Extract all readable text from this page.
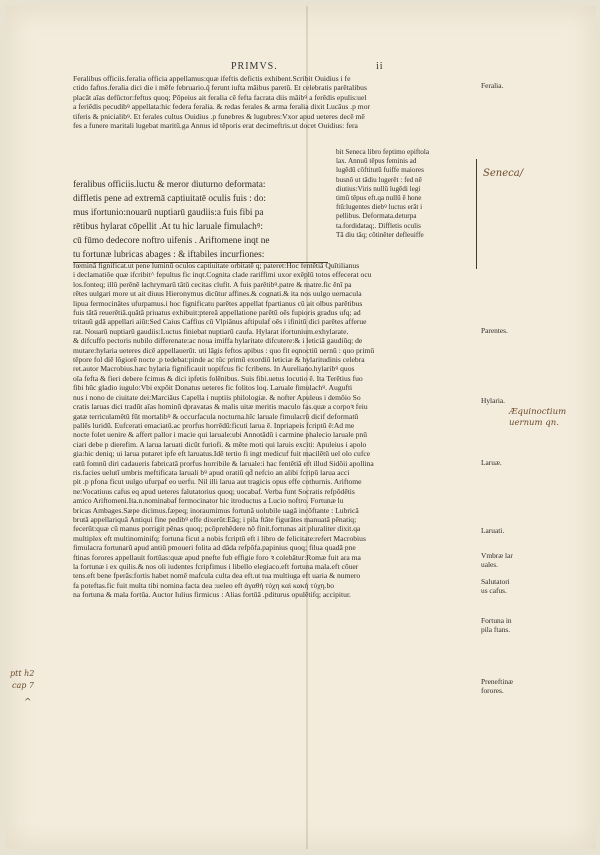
PRIMVS.	ii

Feralibus officiis.feralia officia appellamus:quæ ifeftis defictis exhibent.Scribit Ouidius i fe

ctido faftos.feralia dici die i mēfe februario.q̄ ferunt iufta māibus paretū. Et celebratis parētalibus

placāt aīas defūctor:feftus quoq; Pōpeius ait feralia cē fefta facrata diis māibꝰ a ferēdis epulis:uel

a feriēdis pecudibꝰ appellata:hic federa feralia. & redas ferales & arma feralia dixit Lucāus .p mor

tiferis & pnicialibꝰ. Et ferales cultus Ouidius .p funebres & lugubres:Vxor apud ueteres decē mē

fes a funere maritali lugebat maritū.ga Annus id tēporis erat decimeftris.ut docet Ouidius: fera

feralibus officiis.luctu & meror diuturno deformata:

diffletis pene ad extremā captiuitatē oculis fuis : do:

mus ifortunio:nouarū nuptiarū gaudiis:a fuis fibi pa

rētibus hylarat cōpellit .At tu hic laruale fimulachꝰ:

cū fūmo dedecore noftro uifenis . Ariftomene inqt ne

tu fortunæ lubricas abages : & iftabiles incurfiones:

bit Seneca libro feptimo epiftola

lax. Annuū tēpus feminis ad

lugēdū cōftitutū fuiffe maiores

busnō ut tādiu lugerēt : fed nē

diutius:Viris nullū lugēdi legi

timū tēpus eft.qa nullū ē hone

ftū:lugentes diebꝰ luctus erāt i

pellibus. Deformata.deturpa

ta.fordidataq;. Diffletis oculis

Tā diu tāq; cōtinēter defleuiffe

fœminā fignificat.ut pene luminū oculos captiuitate orbitatē q; pateret:Hoc fentētiā Quītilianus

i declamatiōe quæ ifcribit^ fepultus fic inqt.Cognita clade rariffimi uxor exēplū totos effecerat ocu

los.fonteq; illū perēnē lachrymarū tātū cecitas clufit. A fuis parētibꝰ.patre & matre.fic ēnī pa

rētes uulgari more ut ait diuus Hieronymus dicūtur affines.& cognati.& ita nos uulgo uernacula

lipua fermocinātes ufurpamus.i hoc fignificatu parētes appellat fpartianus cū ait olbus parētibus

fuis tātā reuerētiā.quātā priuatus exhibuit:ptereā appellatione parētū oēs fupioris gradus ufq; ad

tritauū gdā appellari aiūt:Sed Caius Caffius cū Vlpiānus aftipulaf oēs i ifinitū dici parētes afferue

rat. Nouarū nuptiarū gaudiis:Luctus finiebat nuptiarū caufa. Hylarat ifortunium.exhylarate.

& difcuffo pectoris nubilo differenate:ac noua imiffa hylaritate difcutere:& i leticiā gaudiūq; de

mutare:hylaria ueteres dicē appellauerūt. uti lāgis feftos apibus : quo fit eqnoctiū uernū : quo primū

tēpore fol diē lōgiorē nocte .p tedebat:pinde ac tūc primū exordiū leticiæ & hylaritudinis celebra

ret.autor Macrobius.hæc hylaria fignificauit uopifcus fic fcribens. In Aureliano.hylaribꝰ quos

oīa fefta & fieri debere fcimus & dici ipfetis folēnibus. Suis fibi.uetus locutio ē. Ita Terētius fuo

fibi hūc gladio iugulo:Vbi expōit Donatus ueteres fic folitos loq. Laruale fimulachꝰ. Augufti

nus i nono de ciuitate dei:Marciāus Capella i nuptiis philologiæ. & nofter Apuleus i demōio So

cratis laruas dici tradūt aīas hominū dpravatas & malis uitæ meritis maculo fas.quæ a corpoꝛ feiu

gatæ terriculamētū fūt mortalibꝰ & occurfacula nocturna.hīc laruale fimulacrū dicif deformatū

pallēs luridū. Eufcerati emaciatū.ac prorfus horrēdū:ficuti larua ē. Inpriapeis fcriptū ē:Ad me

nocte folet uenire & affert pallor i macie qui laruale:ubi Annotādū i carmine phalecio laruale pnū

ciari debe p dierefim. A larua laruati dicūt furiofi. & mēte moti qui laruis exciti: Apuleius i apolo

gia:hic deniq; ui larua putaret ipfe eft laruatus.Idē tertio fi ingt medicuf fuit macilētū uel olo cufce

ratū fomnū diri cadaueris fabricatā prorfus horribile & laruale:i hac fentētiā eft illud Sidōii apollina

ris.facies uelutī umbris meftificata laruali bꝰ apud oratiū qd̄ nefcio an alibi fcripū larua acci

pit .p pfona ficut uulgo ufurpaf eo uerfu. Nil illi larua aut tragicis opus effe cothurnis. Ariftome

ne:Vocatiuus cafus eq apud ueteres falutatorius quoq; uocabaf. Verba funt Socratis refpōdētis

amico Ariftomeni.Ita.n.nominabaf fermocinator hic itroductus a Lucio noftro. Fortunæ lu

bricas Ambages.Sæpe dicimus.fæpeq; inoraumimus fortunā uolubile uagā incōftante : Lubricā

brutā appellariquā Antiqui fine pedibꝰ effe dixerūt:Eāq; i pila ftāte figurātes manuatā pēnatiq;

fecerūt:quæ cū manus porrigit pēnas quoq; pcōprehēdere nō finit.fortunas ait pluraliter dixit.qa

multiplex eft multinominifq; fortuna ficut a nobis fcriptū eft i libro de felicitate:refert Macrobius

fimulacra fortunarū apud antiū pmoueri folita ad dāda refpōfa.papinius quoq; filua quadā pne

ftinas forores appellauit fortūas:quæ apud pnefte fub effigie foro ꝛ colebātur:Romæ fuit ara ma

la fortunæ i ex quilis.& nos oli iudentes fcripfimus i libello elegiaco.eft fortuna mala.eft cōuer

tens.eft bene fperās:fortis habet nomē mafcula culta dea eft.ut tua multiuga eft uaria & numero

fa poteftas.fic fuit multa tibi nomina facta dea :ueleo eft ἀγαθή τύχη καὶ κακή τύχη.bo

na fortuna & mala fortūa. Auctor Iulius firmicus : Alias fortūā .pditurus opulētifq; accipitur.

Feralia.
Parentes.
Hylaria.
Laruæ.
Laruati.
Vmbræ lar
uales.
Salutatori
us cafus.
Fortuna in
pila ftans.
Preneftinæ
forores.
Seneca/
Æquinoctium
uernum qn.
ptt h2
cap 7
^
